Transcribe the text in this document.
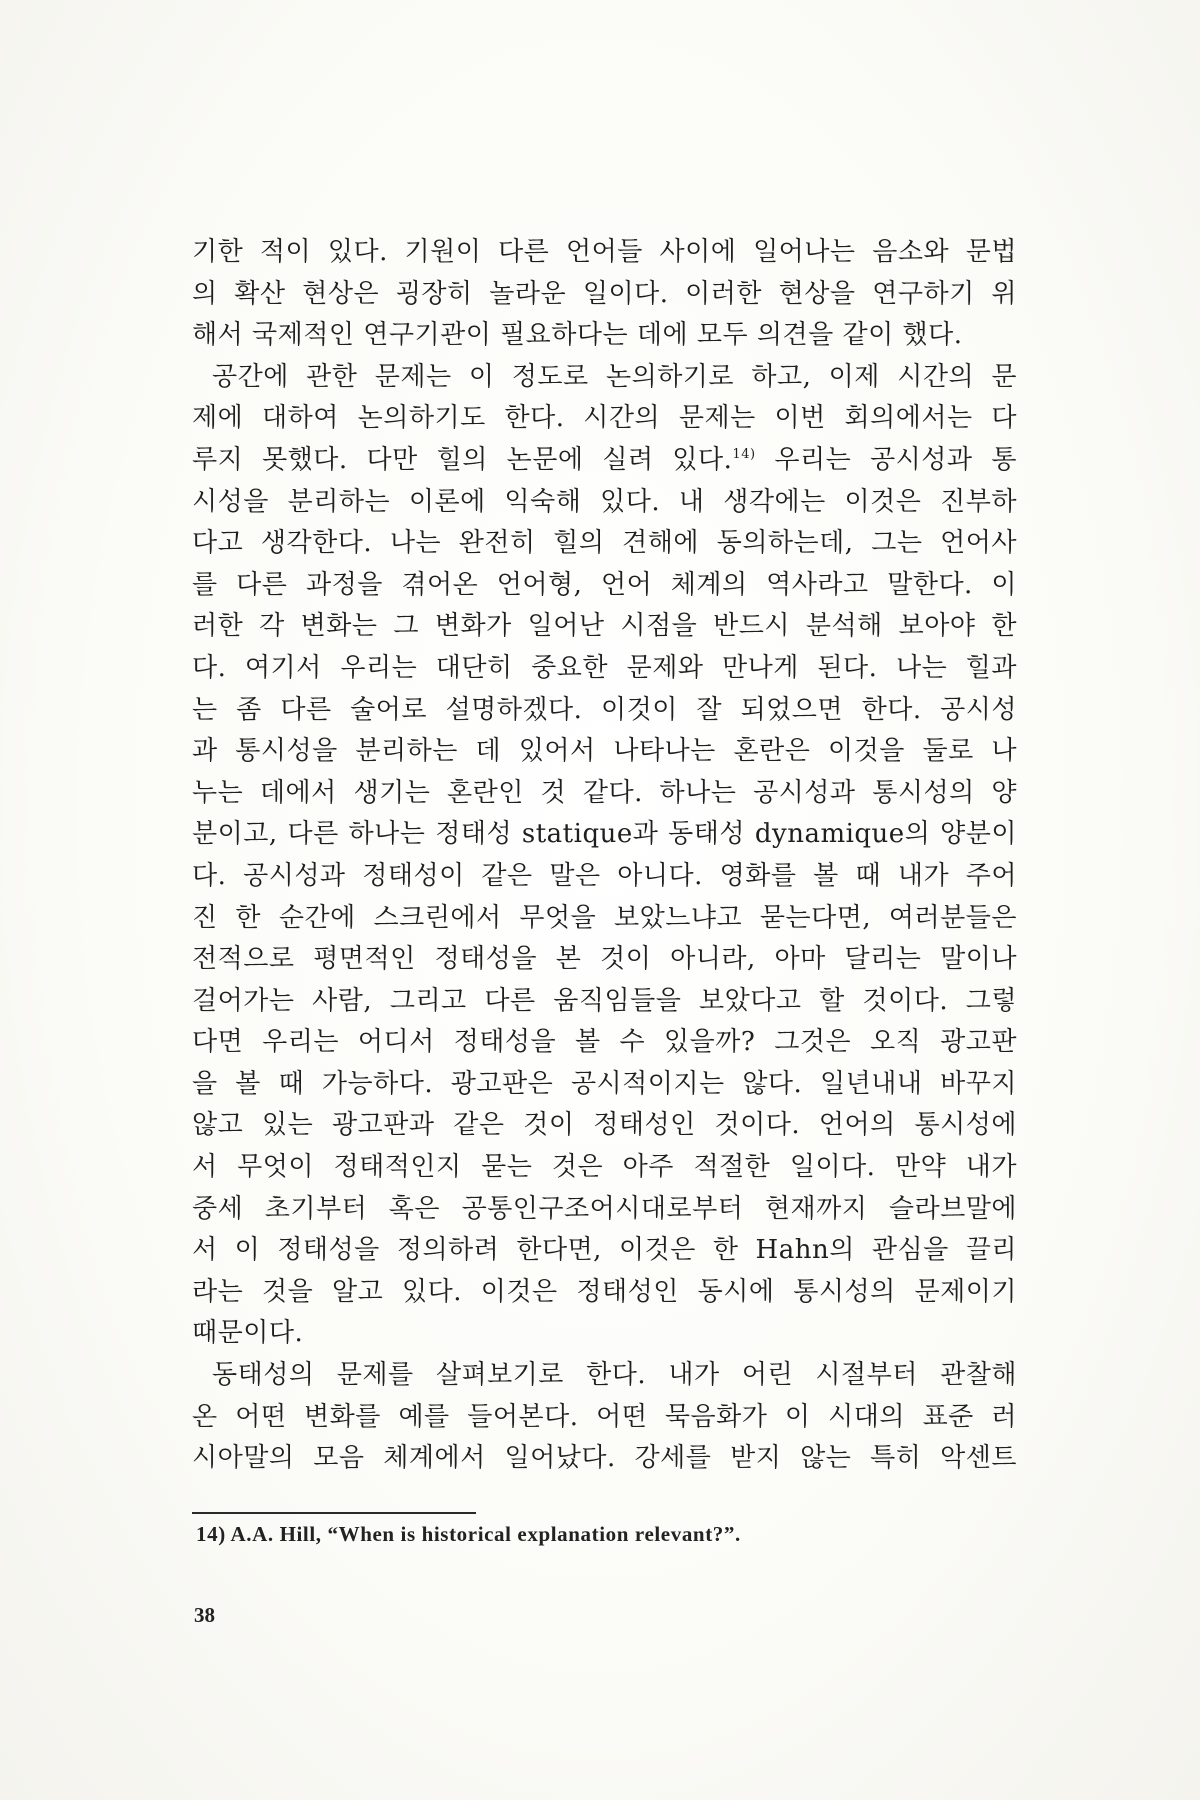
기한 적이 있다. 기원이 다른 언어들 사이에 일어나는 음소와 문법
의 확산 현상은 굉장히 놀라운 일이다. 이러한 현상을 연구하기 위
해서 국제적인 연구기관이 필요하다는 데에 모두 의견을 같이 했다.
공간에 관한 문제는 이 정도로 논의하기로 하고, 이제 시간의 문
제에 대하여 논의하기도 한다. 시간의 문제는 이번 회의에서는 다
루지 못했다. 다만 힐의 논문에 실려 있다.$^{14)}$ 우리는 공시성과 통
시성을 분리하는 이론에 익숙해 있다. 내 생각에는 이것은 진부하
다고 생각한다. 나는 완전히 힐의 견해에 동의하는데, 그는 언어사
를 다른 과정을 겪어온 언어형, 언어 체계의 역사라고 말한다. 이
러한 각 변화는 그 변화가 일어난 시점을 반드시 분석해 보아야 한
다. 여기서 우리는 대단히 중요한 문제와 만나게 된다. 나는 힐과
는 좀 다른 술어로 설명하겠다. 이것이 잘 되었으면 한다. 공시성
과 통시성을 분리하는 데 있어서 나타나는 혼란은 이것을 둘로 나
누는 데에서 생기는 혼란인 것 같다. 하나는 공시성과 통시성의 양
분이고, 다른 하나는 정태성 statique과 동태성 dynamique의 양분이
다. 공시성과 정태성이 같은 말은 아니다. 영화를 볼 때 내가 주어
진 한 순간에 스크린에서 무엇을 보았느냐고 묻는다면, 여러분들은
전적으로 평면적인 정태성을 본 것이 아니라, 아마 달리는 말이나
걸어가는 사람, 그리고 다른 움직임들을 보았다고 할 것이다. 그렇
다면 우리는 어디서 정태성을 볼 수 있을까? 그것은 오직 광고판
을 볼 때 가능하다. 광고판은 공시적이지는 않다. 일년내내 바꾸지
않고 있는 광고판과 같은 것이 정태성인 것이다. 언어의 통시성에
서 무엇이 정태적인지 묻는 것은 아주 적절한 일이다. 만약 내가
중세 초기부터 혹은 공통인구조어시대로부터 현재까지 슬라브말에
서 이 정태성을 정의하려 한다면, 이것은 한 Hahn의 관심을 끌리
라는 것을 알고 있다. 이것은 정태성인 동시에 통시성의 문제이기
때문이다.
동태성의 문제를 살펴보기로 한다. 내가 어린 시절부터 관찰해
온 어떤 변화를 예를 들어본다. 어떤 묵음화가 이 시대의 표준 러
시아말의 모음 체계에서 일어났다. 강세를 받지 않는 특히 악센트
14) A.A. Hill, “When is historical explanation relevant?”.
38
